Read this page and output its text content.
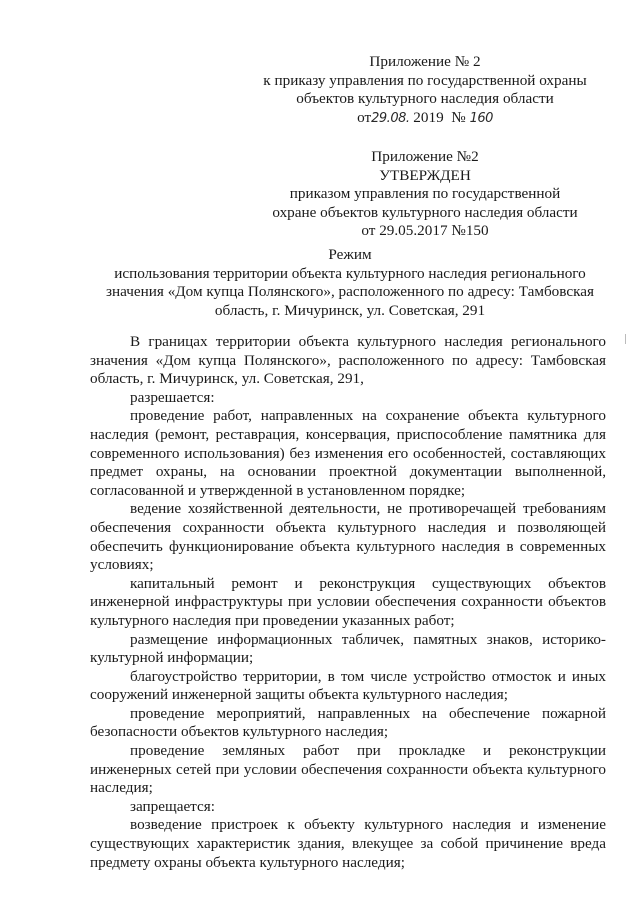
Приложение № 2
к приказу управления по государственной охраны
объектов культурного наследия области
от29.08. 2019 № 160
Приложение №2
УТВЕРЖДЕН
приказом управления по государственной
охране объектов культурного наследия области
от 29.05.2017 №150
Режим
использования территории объекта культурного наследия регионального
значения «Дом купца Полянского», расположенного по адресу: Тамбовская
область, г. Мичуринск, ул. Советская, 291

В границах территории объекта культурного наследия регионального значения «Дом купца Полянского», расположенного по адресу: Тамбовская область, г. Мичуринск, ул. Советская, 291,

разрешается:

проведение работ, направленных на сохранение объекта культурного наследия (ремонт, реставрация, консервация, приспособление памятника для современного использования) без изменения его особенностей, составляющих предмет охраны, на основании проектной документации выполненной, согласованной и утвержденной в установленном порядке;

ведение хозяйственной деятельности, не противоречащей требованиям обеспечения сохранности объекта культурного наследия и позволяющей обеспечить функционирование объекта культурного наследия в современных условиях;

капитальный ремонт и реконструкция существующих объектов инженерной инфраструктуры при условии обеспечения сохранности объектов культурного наследия при проведении указанных работ;

размещение информационных табличек, памятных знаков, историко-культурной информации;

благоустройство территории, в том числе устройство отмосток и иных сооружений инженерной защиты объекта культурного наследия;

проведение мероприятий, направленных на обеспечение пожарной безопасности объектов культурного наследия;

проведение земляных работ при прокладке и реконструкции инженерных сетей при условии обеспечения сохранности объекта культурного наследия;

запрещается:

возведение пристроек к объекту культурного наследия и изменение существующих характеристик здания, влекущее за собой причинение вреда предмету охраны объекта культурного наследия;
